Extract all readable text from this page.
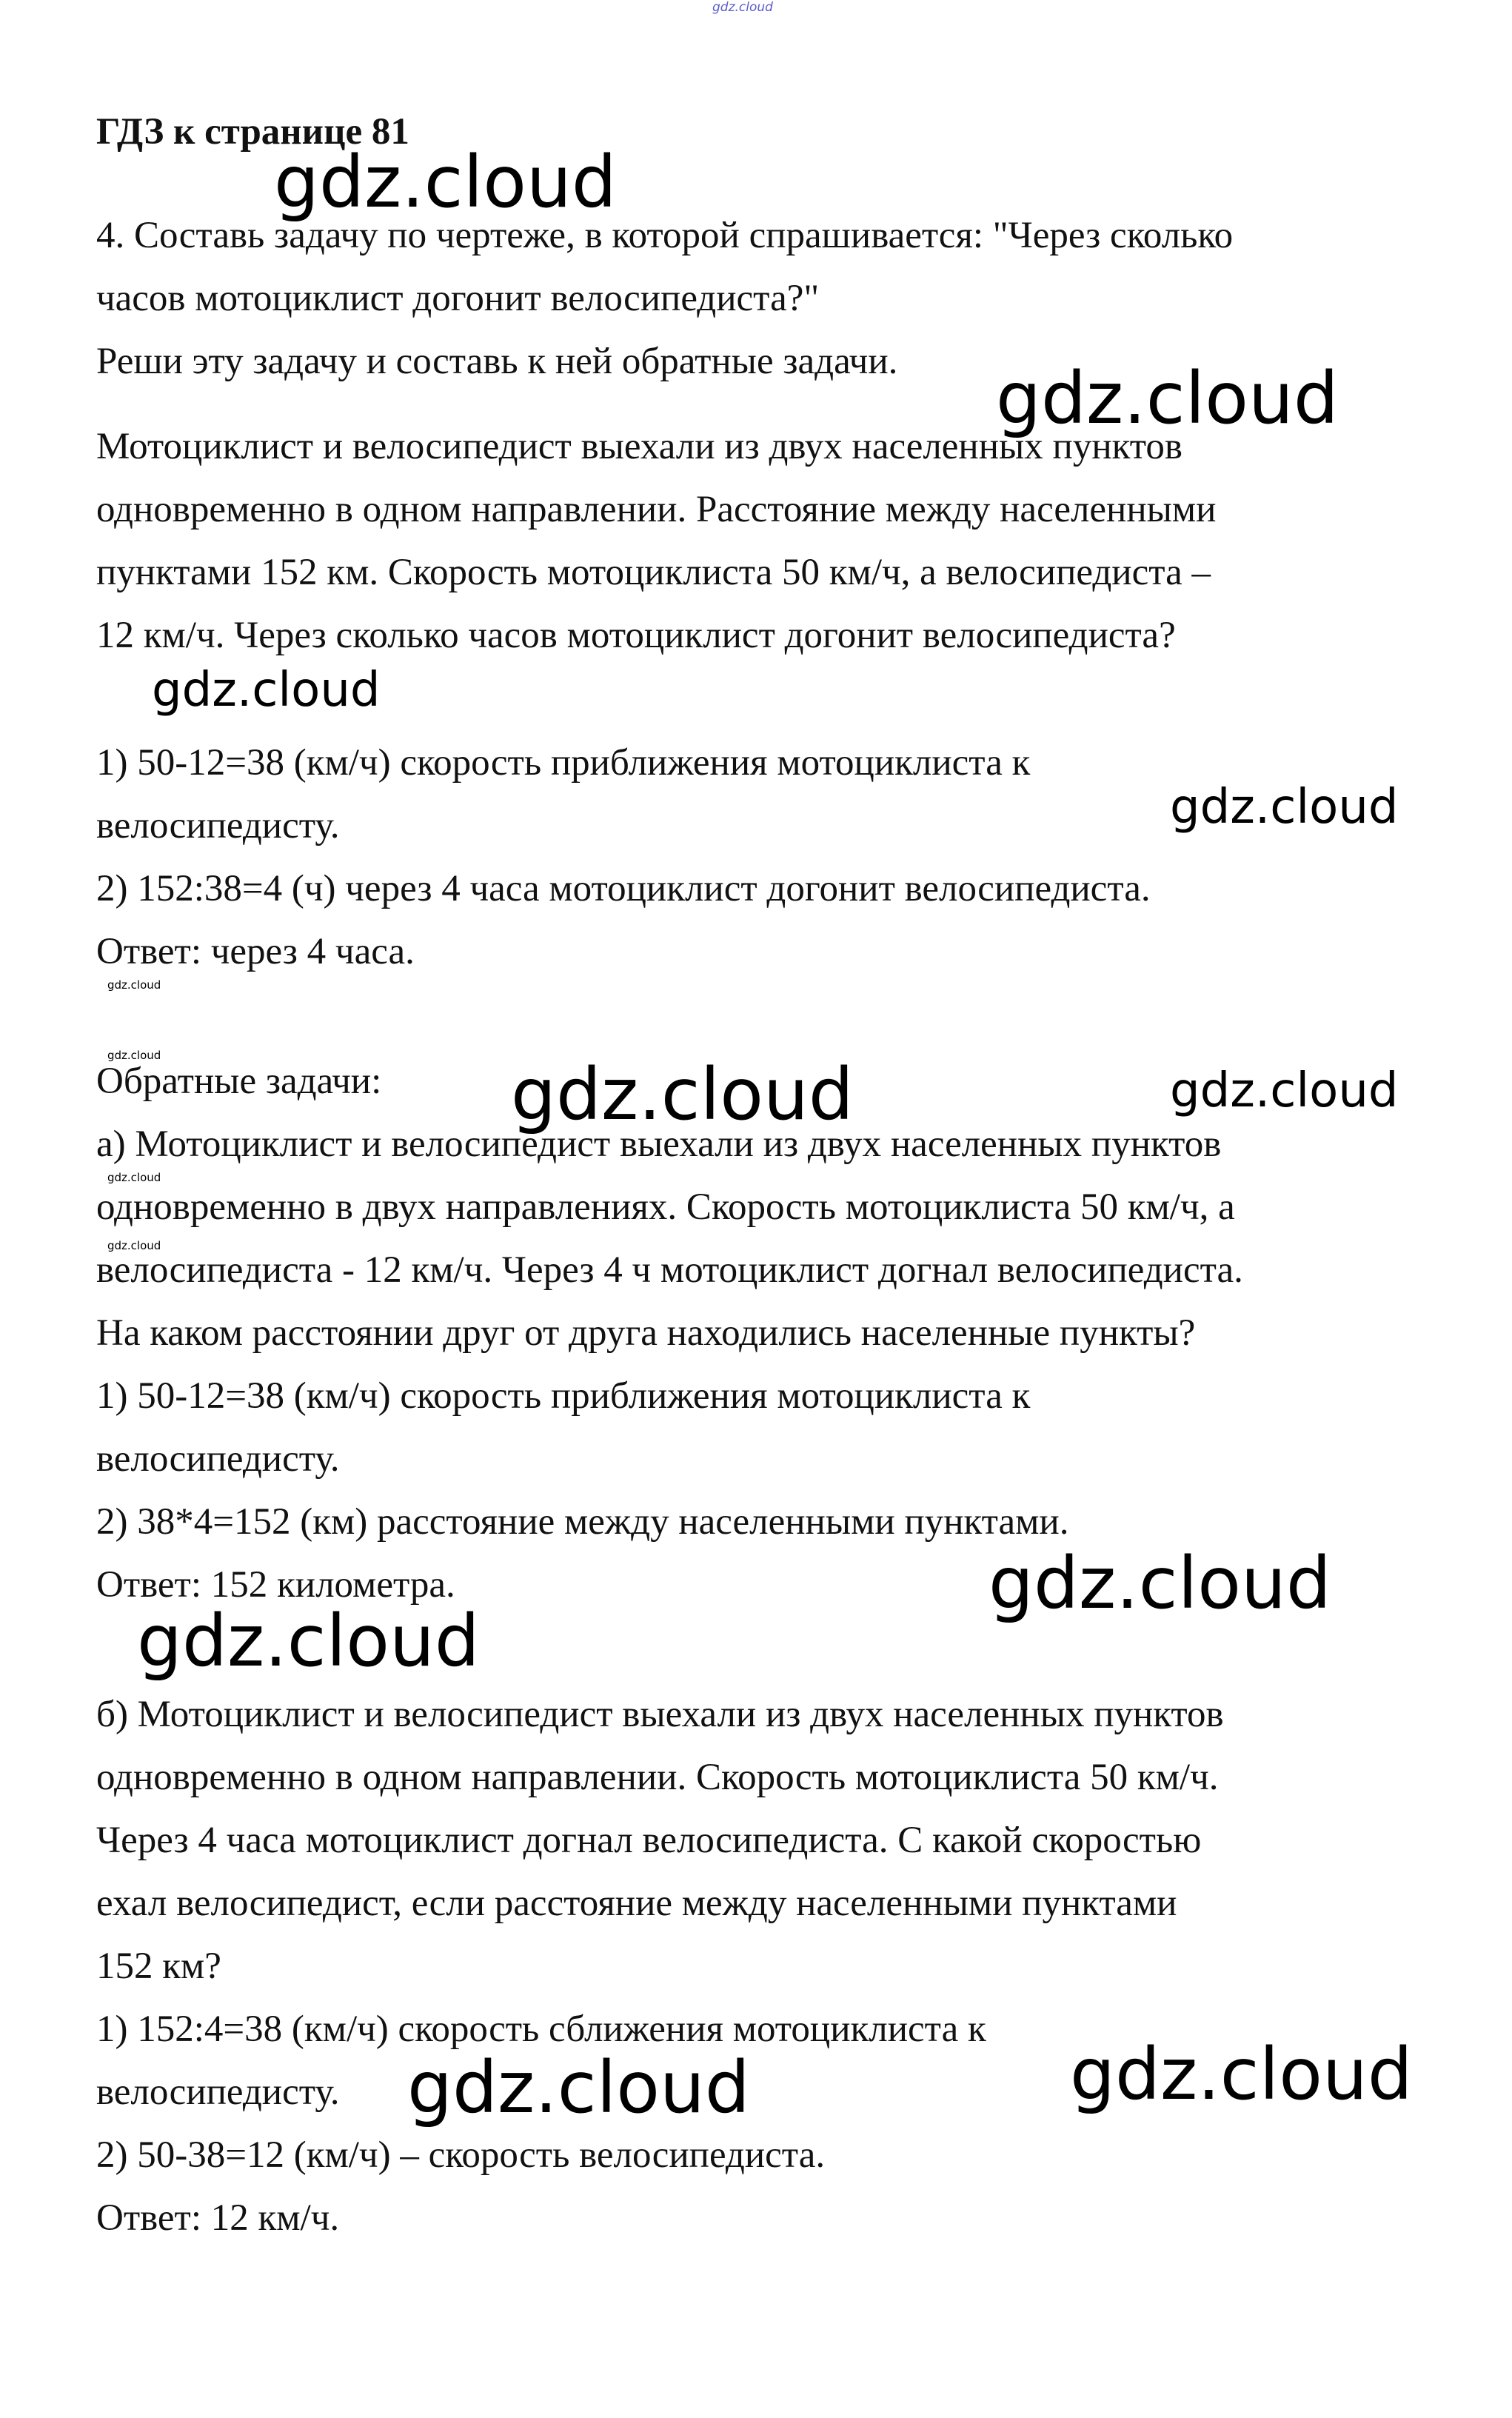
ГДЗ к странице 81
4. Составь задачу по чертеже, в которой спрашивается: "Через сколько
часов мотоциклист догонит велосипедиста?"
Реши эту задачу и составь к ней обратные задачи.
Мотоциклист и велосипедист выехали из двух населенных пунктов
одновременно в одном направлении. Расстояние между населенными
пунктами 152 км. Скорость мотоциклиста 50 км/ч, а велосипедиста –
12 км/ч. Через сколько часов мотоциклист догонит велосипедиста?
1) 50-12=38 (км/ч) скорость приближения мотоциклиста к
велосипедисту.
2) 152:38=4 (ч) через 4 часа мотоциклист догонит велосипедиста.
Ответ: через 4 часа.
Обратные задачи:
а) Мотоциклист и велосипедист выехали из двух населенных пунктов
одновременно в двух направлениях. Скорость мотоциклиста 50 км/ч, а
велосипедиста - 12 км/ч. Через 4 ч мотоциклист догнал велосипедиста.
На каком расстоянии друг от друга находились населенные пункты?
1) 50-12=38 (км/ч) скорость приближения мотоциклиста к
велосипедисту.
2) 38*4=152 (км) расстояние между населенными пунктами.
Ответ: 152 километра.
б) Мотоциклист и велосипедист выехали из двух населенных пунктов
одновременно в одном направлении. Скорость мотоциклиста 50 км/ч.
Через 4 часа мотоциклист догнал велосипедиста. С какой скоростью
ехал велосипедист, если расстояние между населенными пунктами
152 км?
1) 152:4=38 (км/ч) скорость сближения мотоциклиста к
велосипедисту.
2) 50-38=12 (км/ч) – скорость велосипедиста.
Ответ: 12 км/ч.
gdz.cloud
gdz.cloud
gdz.cloud
gdz.cloud
gdz.cloud
gdz.cloud
gdz.cloud	gdz.cloud	gdz.cloud
gdz.cloud
gdz.cloud
gdz.cloud
gdz.cloud
gdz.cloud
gdz.cloud
